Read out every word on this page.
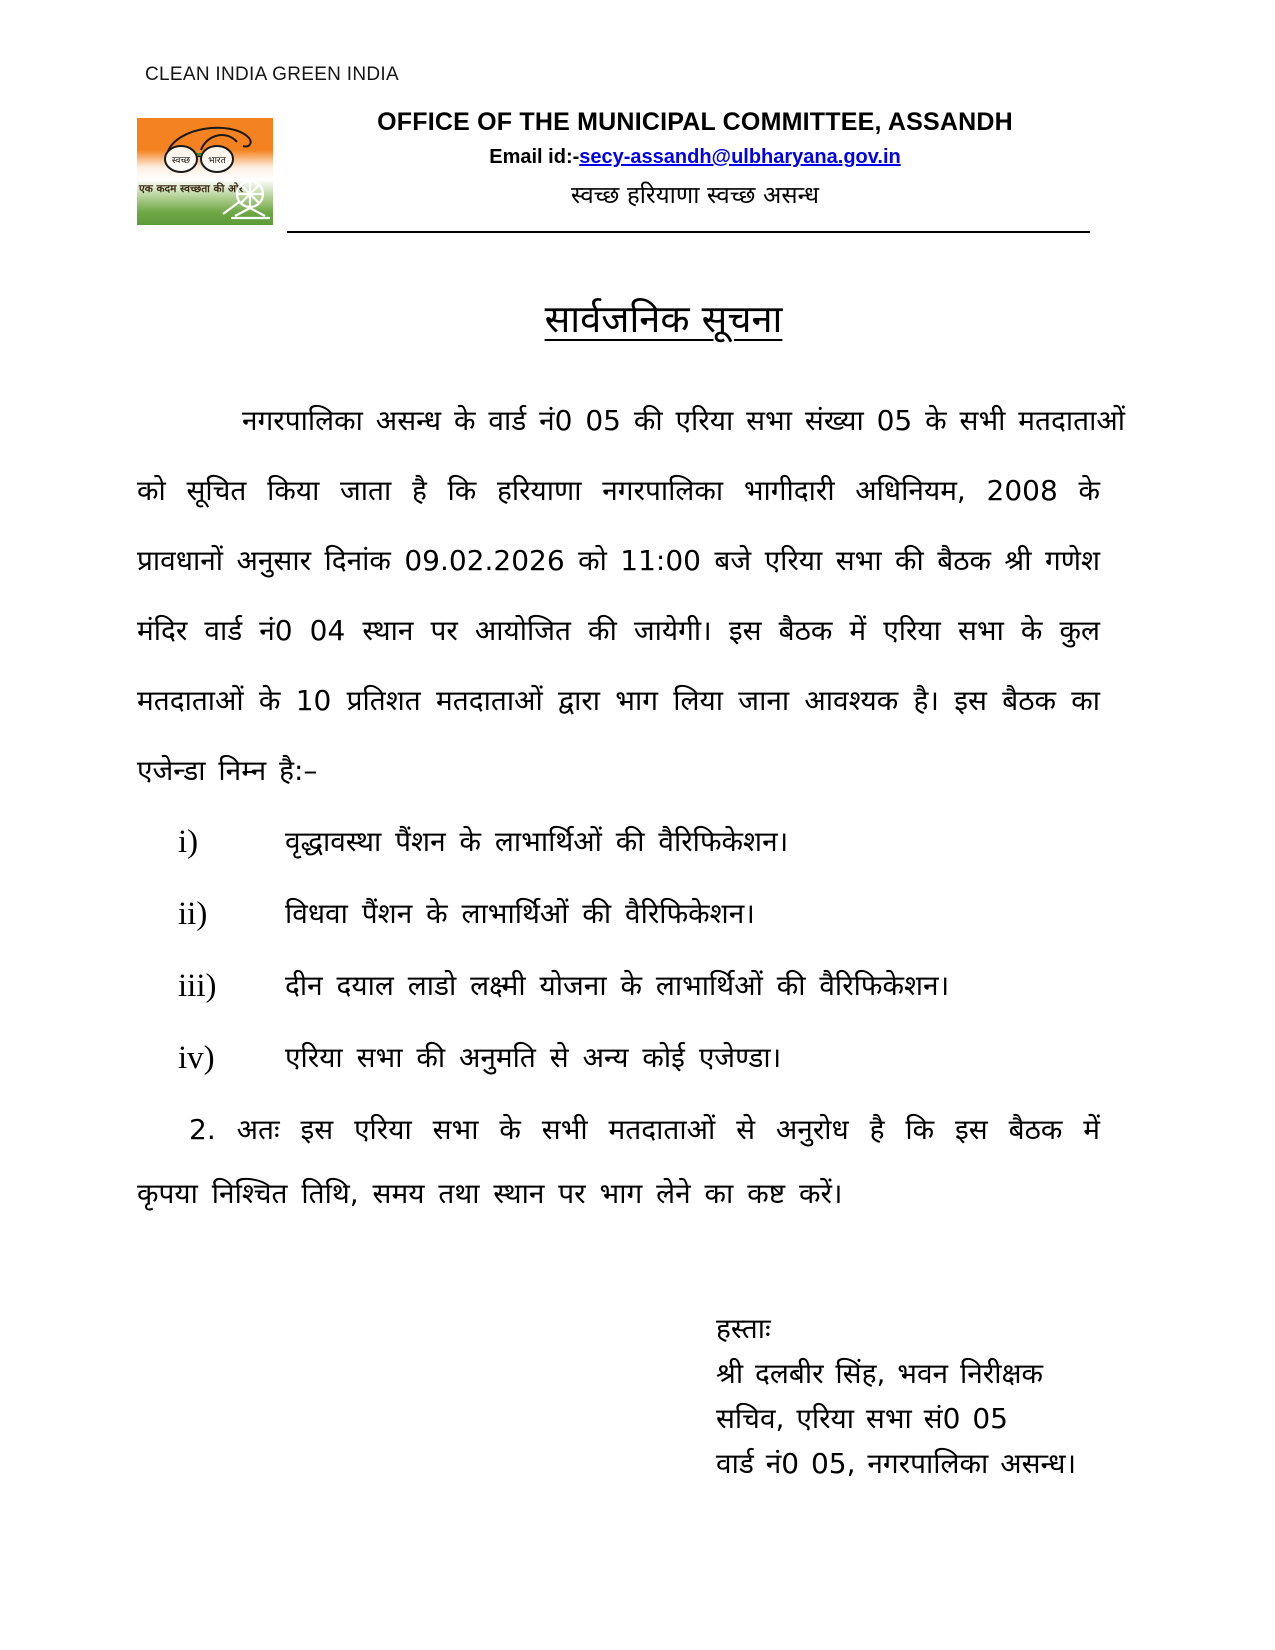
CLEAN INDIA GREEN INDIA
स्वच्छ भारत
एक कदम स्वच्छता की ओर
OFFICE OF THE MUNICIPAL COMMITTEE, ASSANDH
Email id:-secy-assandh@ulbharyana.gov.in
स्वच्छ हरियाणा स्वच्छ असन्ध
सार्वजनिक सूचना
नगरपालिका असन्ध के वार्ड नं0 05 की एरिया सभा संख्या 05 के सभी मतदाताओं
को सूचित किया जाता है कि हरियाणा नगरपालिका भागीदारी अधिनियम, 2008 के
प्रावधानों अनुसार दिनांक 09.02.2026 को 11:00 बजे एरिया सभा की बैठक श्री गणेश
मंदिर वार्ड नं0 04 स्थान पर आयोजित की जायेगी। इस बैठक में एरिया सभा के कुल
मतदाताओं के 10 प्रतिशत मतदाताओं द्वारा भाग लिया जाना आवश्यक है। इस बैठक का
एजेन्डा निम्न है:–
i)	वृद्धावस्था पैंशन के लाभार्थिओं की वैरिफिकेशन।
ii)	विधवा पैंशन के लाभार्थिओं की वैरिफिकेशन।
iii) दीन दयाल लाडो लक्ष्मी योजना के लाभार्थिओं की वैरिफिकेशन।
iv)	एरिया सभा की अनुमति से अन्य कोई एजेण्डा।
2. अतः इस एरिया सभा के सभी मतदाताओं से अनुरोध है कि इस बैठक में
कृपया निश्चित तिथि, समय तथा स्थान पर भाग लेने का कष्ट करें।
हस्ताः
श्री दलबीर सिंह, भवन निरीक्षक
सचिव, एरिया सभा सं0 05
वार्ड नं0 05, नगरपालिका असन्ध।
